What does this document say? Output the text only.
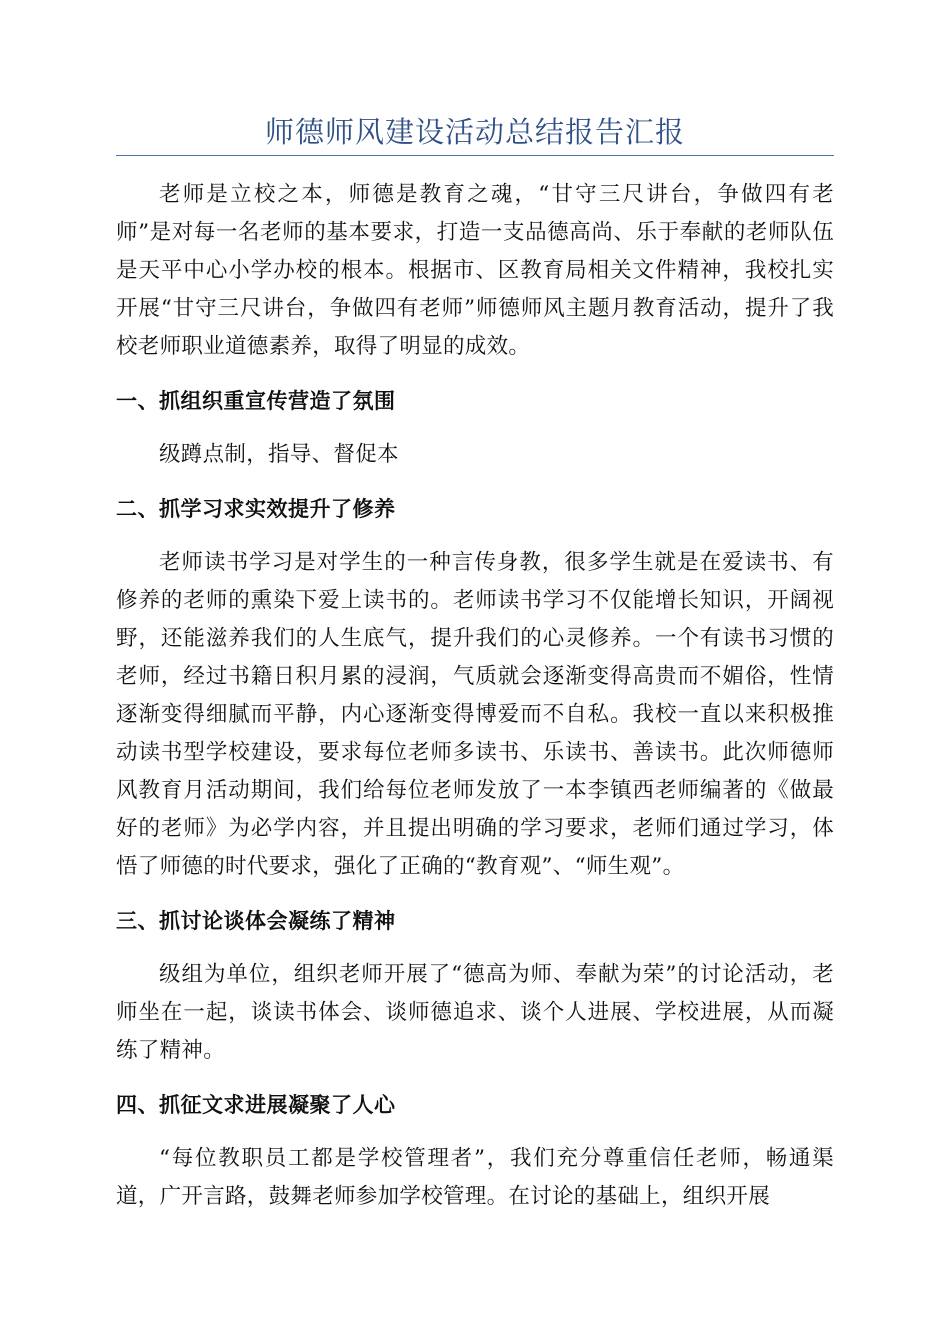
师德师风建设活动总结报告汇报

老师是立校之本，师德是教育之魂，“甘守三尺讲台，争做四有老师”是对每一名老师的基本要求，打造一支品德高尚、乐于奉献的老师队伍是天平中心小学办校的根本。根据市、区教育局相关文件精神，我校扎实开展“甘守三尺讲台，争做四有老师”师德师风主题月教育活动，提升了我校老师职业道德素养，取得了明显的成效。

一、抓组织重宣传营造了氛围

级蹲点制，指导、督促本

二、抓学习求实效提升了修养

老师读书学习是对学生的一种言传身教，很多学生就是在爱读书、有修养的老师的熏染下爱上读书的。老师读书学习不仅能增长知识，开阔视野，还能滋养我们的人生底气，提升我们的心灵修养。一个有读书习惯的老师，经过书籍日积月累的浸润，气质就会逐渐变得高贵而不媚俗，性情逐渐变得细腻而平静，内心逐渐变得博爱而不自私。我校一直以来积极推动读书型学校建设，要求每位老师多读书、乐读书、善读书。此次师德师风教育月活动期间，我们给每位老师发放了一本李镇西老师编著的《做最好的老师》为必学内容，并且提出明确的学习要求，老师们通过学习，体悟了师德的时代要求，强化了正确的“教育观”、“师生观”。

三、抓讨论谈体会凝练了精神

级组为单位，组织老师开展了“德高为师、奉献为荣”的讨论活动，老师坐在一起，谈读书体会、谈师德追求、谈个人进展、学校进展，从而凝练了精神。

四、抓征文求进展凝聚了人心

“每位教职员工都是学校管理者”，我们充分尊重信任老师，畅通渠道，广开言路，鼓舞老师参加学校管理。在讨论的基础上，组织开展
